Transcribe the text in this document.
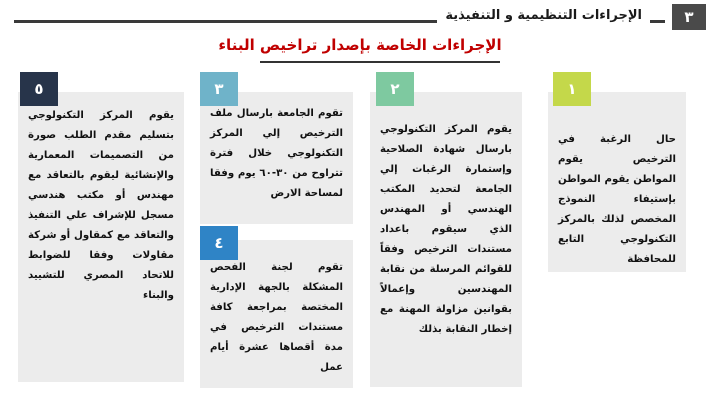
الإجراءات التنظيمية و التنفيذية	٣
الإجراءات الخاصة بإصدار تراخيص البناء
حال الرغبة في الترخيص يقوم المواطن يقوم المواطن بإستيفاء النموذج المخصص لذلك بالمركز التكنولوجي التابع للمحافظة
١
يقوم المركز التكنولوجي بارسال شهادة الصلاحية وإستمارة الرغبات إلي الجامعة لتحديد المكتب الهندسي أو المهندس الذي سيقوم باعداد مستندات الترخيص وفقاً للقوائم المرسلة من نقابة المهندسين وإعمالاً بقوانين مزاولة المهنة مع إخطار النقابة بذلك
٢
تقوم الجامعة بارسال ملف الترخيص إلي المركز التكنولوجي خلال فترة تتراوح من ٣٠-٦٠ يوم وفقا لمساحة الارض
٣
تقوم لجنة الفحص المشكلة بالجهة الإدارية المختصة بمراجعة كافة مستندات الترخيص في مدة أقصاها عشرة أيام عمل
٤
يقوم المركز التكنولوجي بتسليم مقدم الطلب صورة من التصميمات المعمارية والإنشائية ليقوم بالتعاقد مع مهندس أو مكتب هندسي مسجل للإشراف علي التنفيذ والتعاقد مع كمقاول أو شركة مقاولات وفقا للضوابط للاتحاد المصري للتشييد والبناء
٥
